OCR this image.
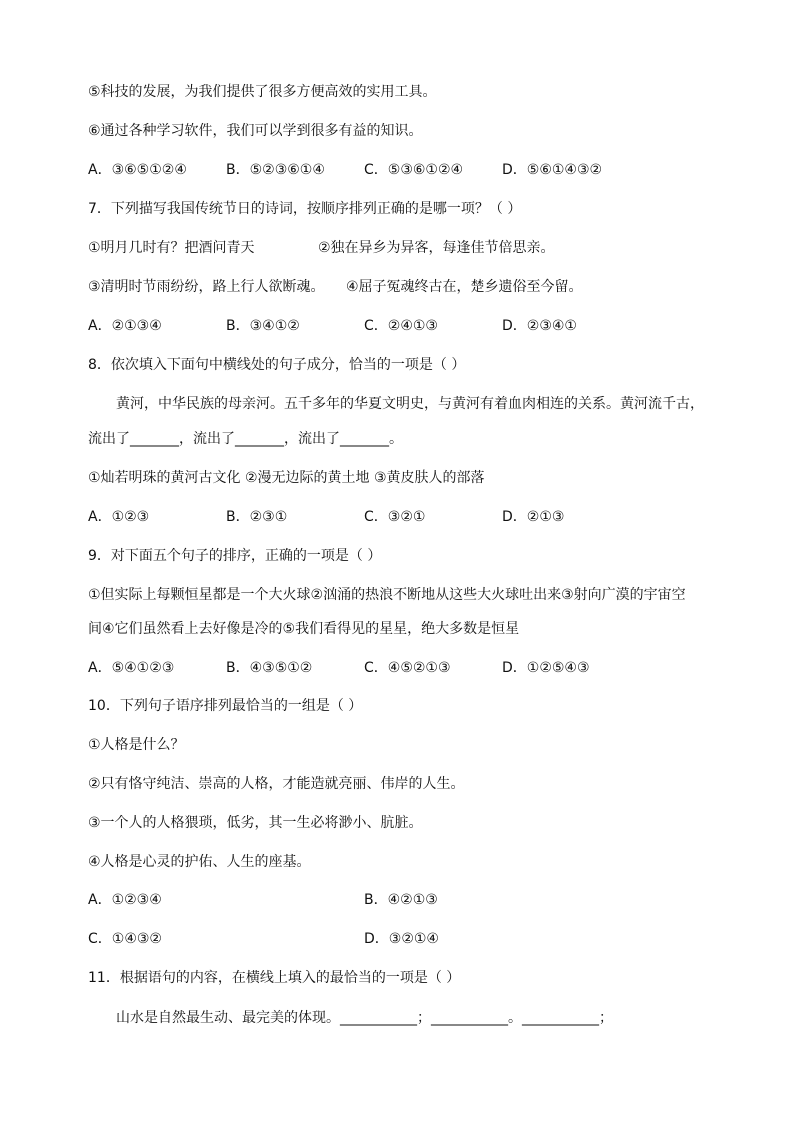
⑤科技的发展，为我们提供了很多方便高效的实用工具。
⑥通过各种学习软件，我们可以学到很多有益的知识。
A．③⑥⑤①②④	B．⑤②③⑥①④	C．⑤③⑥①②④	D．⑤⑥①④③②
7．下列描写我国传统节日的诗词，按顺序排列正确的是哪一项？（ ）
①明月几时有？把酒问青天	②独在异乡为异客，每逢佳节倍思亲。
③清明时节雨纷纷，路上行人欲断魂。 ④屈子冤魂终古在，楚乡遗俗至今留。
A．②①③④	B．③④①②	C．②④①③	D．②③④①
8．依次填入下面句中横线处的句子成分，恰当的一项是（ ）
黄河，中华民族的母亲河。五千多年的华夏文明史，与黄河有着血肉相连的关系。黄河流千古，
流出了_______，流出了_______，流出了_______。
①灿若明珠的黄河古文化 ②漫无边际的黄土地 ③黄皮肤人的部落
A．①②③	B．②③①	C．③②①	D．②①③
9．对下面五个句子的排序，正确的一项是（ ）
①但实际上每颗恒星都是一个大火球②汹涌的热浪不断地从这些大火球吐出来③射向广漠的宇宙空
间④它们虽然看上去好像是冷的⑤我们看得见的星星，绝大多数是恒星
A．⑤④①②③	B．④③⑤①②	C．④⑤②①③	D．①②⑤④③
10．下列句子语序排列最恰当的一组是（ ）
①人格是什么？
②只有恪守纯洁、崇高的人格，才能造就亮丽、伟岸的人生。
③一个人的人格猥琐，低劣，其一生必将渺小、肮脏。
④人格是心灵的护佑、人生的座基。
A．①②③④	B．④②①③
C．①④③②	D．③②①④
11．根据语句的内容，在横线上填入的最恰当的一项是（ ）
山水是自然最生动、最完美的体现。___________；___________。___________；
